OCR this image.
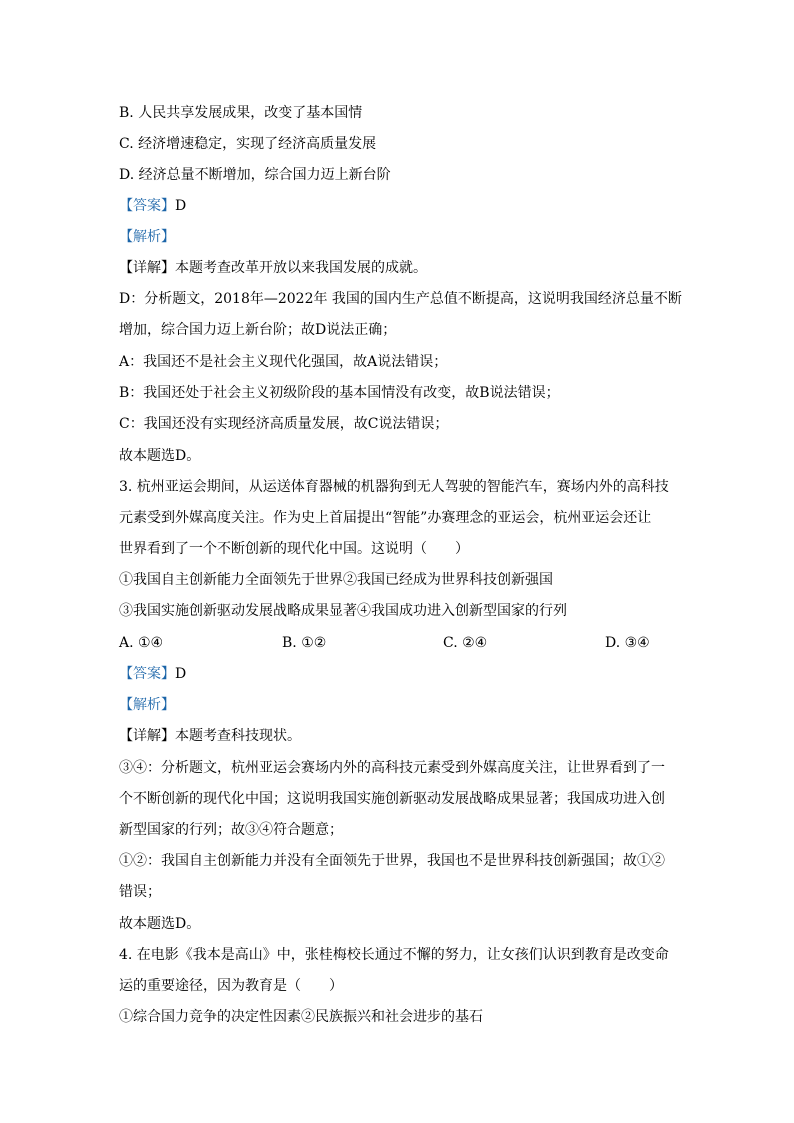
B. 人民共享发展成果，改变了基本国情
C. 经济增速稳定，实现了经济高质量发展
D. 经济总量不断增加，综合国力迈上新台阶
【答案】D
【解析】
【详解】本题考查改革开放以来我国发展的成就。
D：分析题文，2018年—2022年 我国的国内生产总值不断提高，这说明我国经济总量不断
增加，综合国力迈上新台阶；故D说法正确；
A：我国还不是社会主义现代化强国，故A说法错误；
B：我国还处于社会主义初级阶段的基本国情没有改变，故B说法错误；
C：我国还没有实现经济高质量发展，故C说法错误；
故本题选D。
3. 杭州亚运会期间，从运送体育器械的机器狗到无人驾驶的智能汽车，赛场内外的高科技
元素受到外媒高度关注。作为史上首届提出“智能”办赛理念的亚运会，杭州亚运会还让
世界看到了一个不断创新的现代化中国。这说明（　　）
①我国自主创新能力全面领先于世界②我国已经成为世界科技创新强国
③我国实施创新驱动发展战略成果显著④我国成功进入创新型国家的行列
A. ①④	B. ①②	C. ②④	D. ③④
【答案】D
【解析】
【详解】本题考查科技现状。
③④：分析题文，杭州亚运会赛场内外的高科技元素受到外媒高度关注，让世界看到了一
个不断创新的现代化中国；这说明我国实施创新驱动发展战略成果显著；我国成功进入创
新型国家的行列；故③④符合题意；
①②：我国自主创新能力并没有全面领先于世界，我国也不是世界科技创新强国；故①②
错误；
故本题选D。
4. 在电影《我本是高山》中，张桂梅校长通过不懈的努力，让女孩们认识到教育是改变命
运的重要途径，因为教育是（　　）
①综合国力竞争的决定性因素②民族振兴和社会进步的基石
